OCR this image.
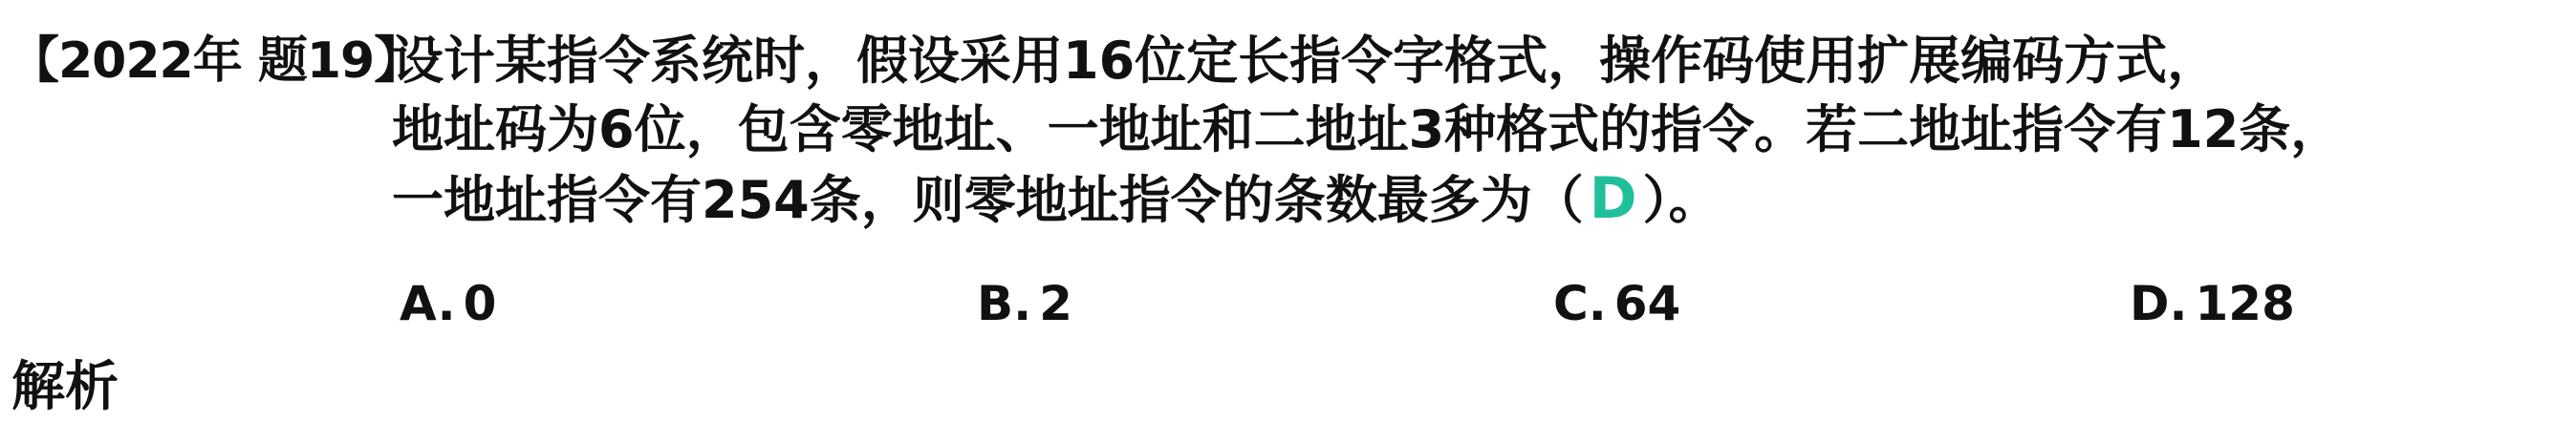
【2022年 题19】
设计某指令系统时，假设采用16位定长指令字格式，操作码使用扩展编码方式，
地址码为6位，包含零地址、一地址和二地址3种格式的指令。若二地址指令有12条，
一地址指令有254条，则零地址指令的条数最多为（ D ）。
A. 0	B. 2	C. 64	D. 128
解析
